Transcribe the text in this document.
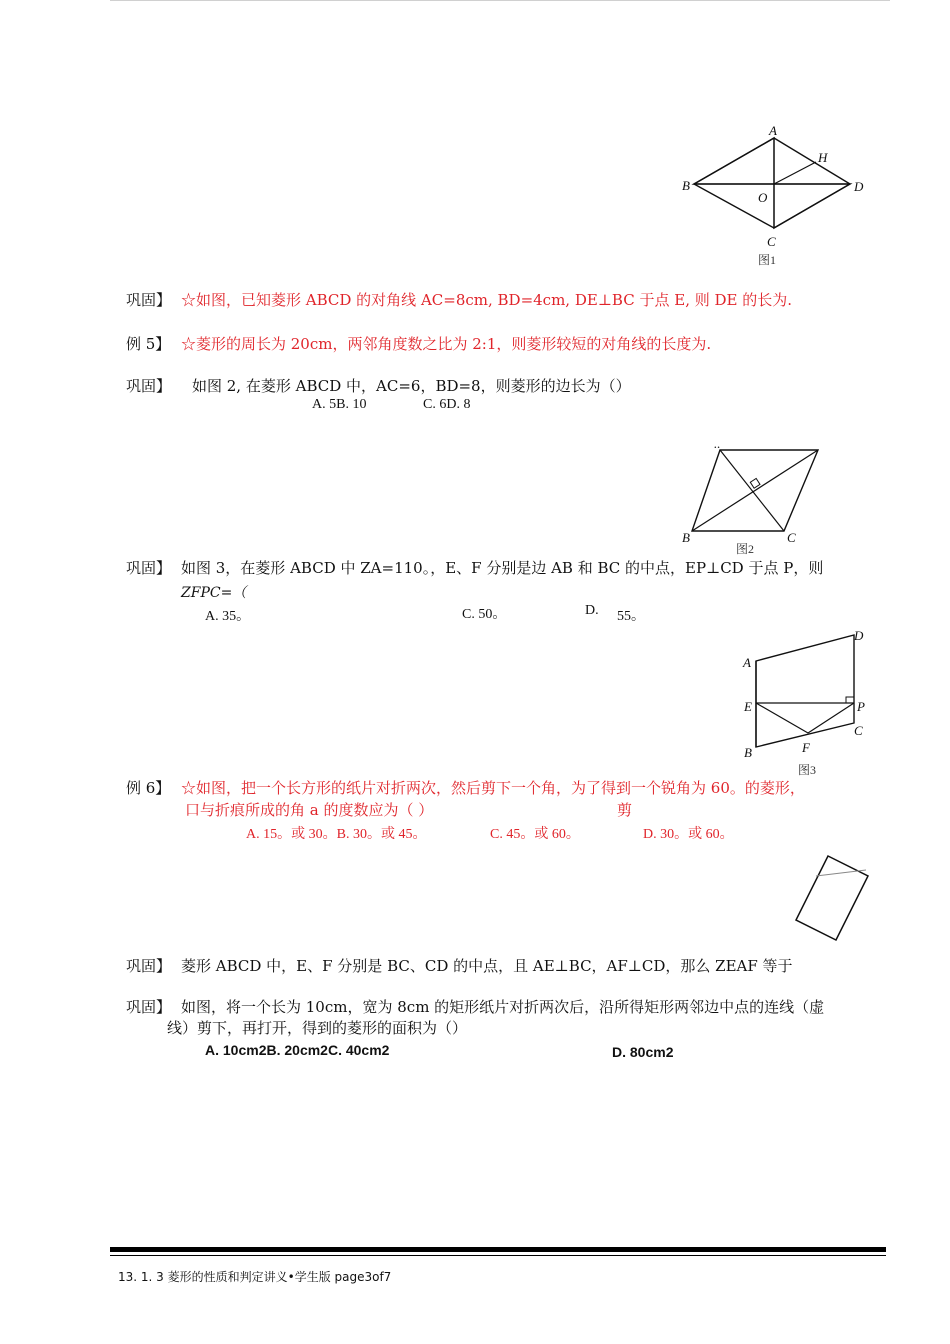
A
H
B
O
D
C
图1
巩固】 ☆如图，已知菱形 ABCD 的对角线 AC=8cm, BD=4cm, DE⊥BC 于点 E, 则 DE 的长为.
例 5】 ☆菱形的周长为 20cm，两邻角度数之比为 2:1，则菱形较短的对角线的长度为.
巩固】 如图 2, 在菱形 ABCD 中，AC=6，BD=8，则菱形的边长为（）
A. 5B. 10	C. 6D. 8
..
B	C
图2
巩固】 如图 3，在菱形 ABCD 中 ZA=110。，E、F 分别是边 AB 和 BC 的中点，EP⊥CD 于点 P，则
ZFPC=（
A. 35。	C. 50。	D. 55。
D
A
E	P
C
B	F
图3
例 6】 ☆如图，把一个长方形的纸片对折两次，然后剪下一个角，为了得到一个锐角为 60。的菱形，
口与折痕所成的角 a 的度数应为（ ）	剪
A. 15。或 30。B. 30。或 45。	C. 45。或 60。	D. 30。或 60。
巩固】 菱形 ABCD 中，E、F 分别是 BC、CD 的中点，且 AE⊥BC，AF⊥CD，那么 ZEAF 等于
巩固】 如图，将一个长为 10cm，宽为 8cm 的矩形纸片对折两次后，沿所得矩形两邻边中点的连线（虚
线）剪下，再打开，得到的菱形的面积为（）
A. 10cm2B. 20cm2C. 40cm2	D. 80cm2
13. 1. 3 菱形的性质和判定讲义•学生版 page3of7
